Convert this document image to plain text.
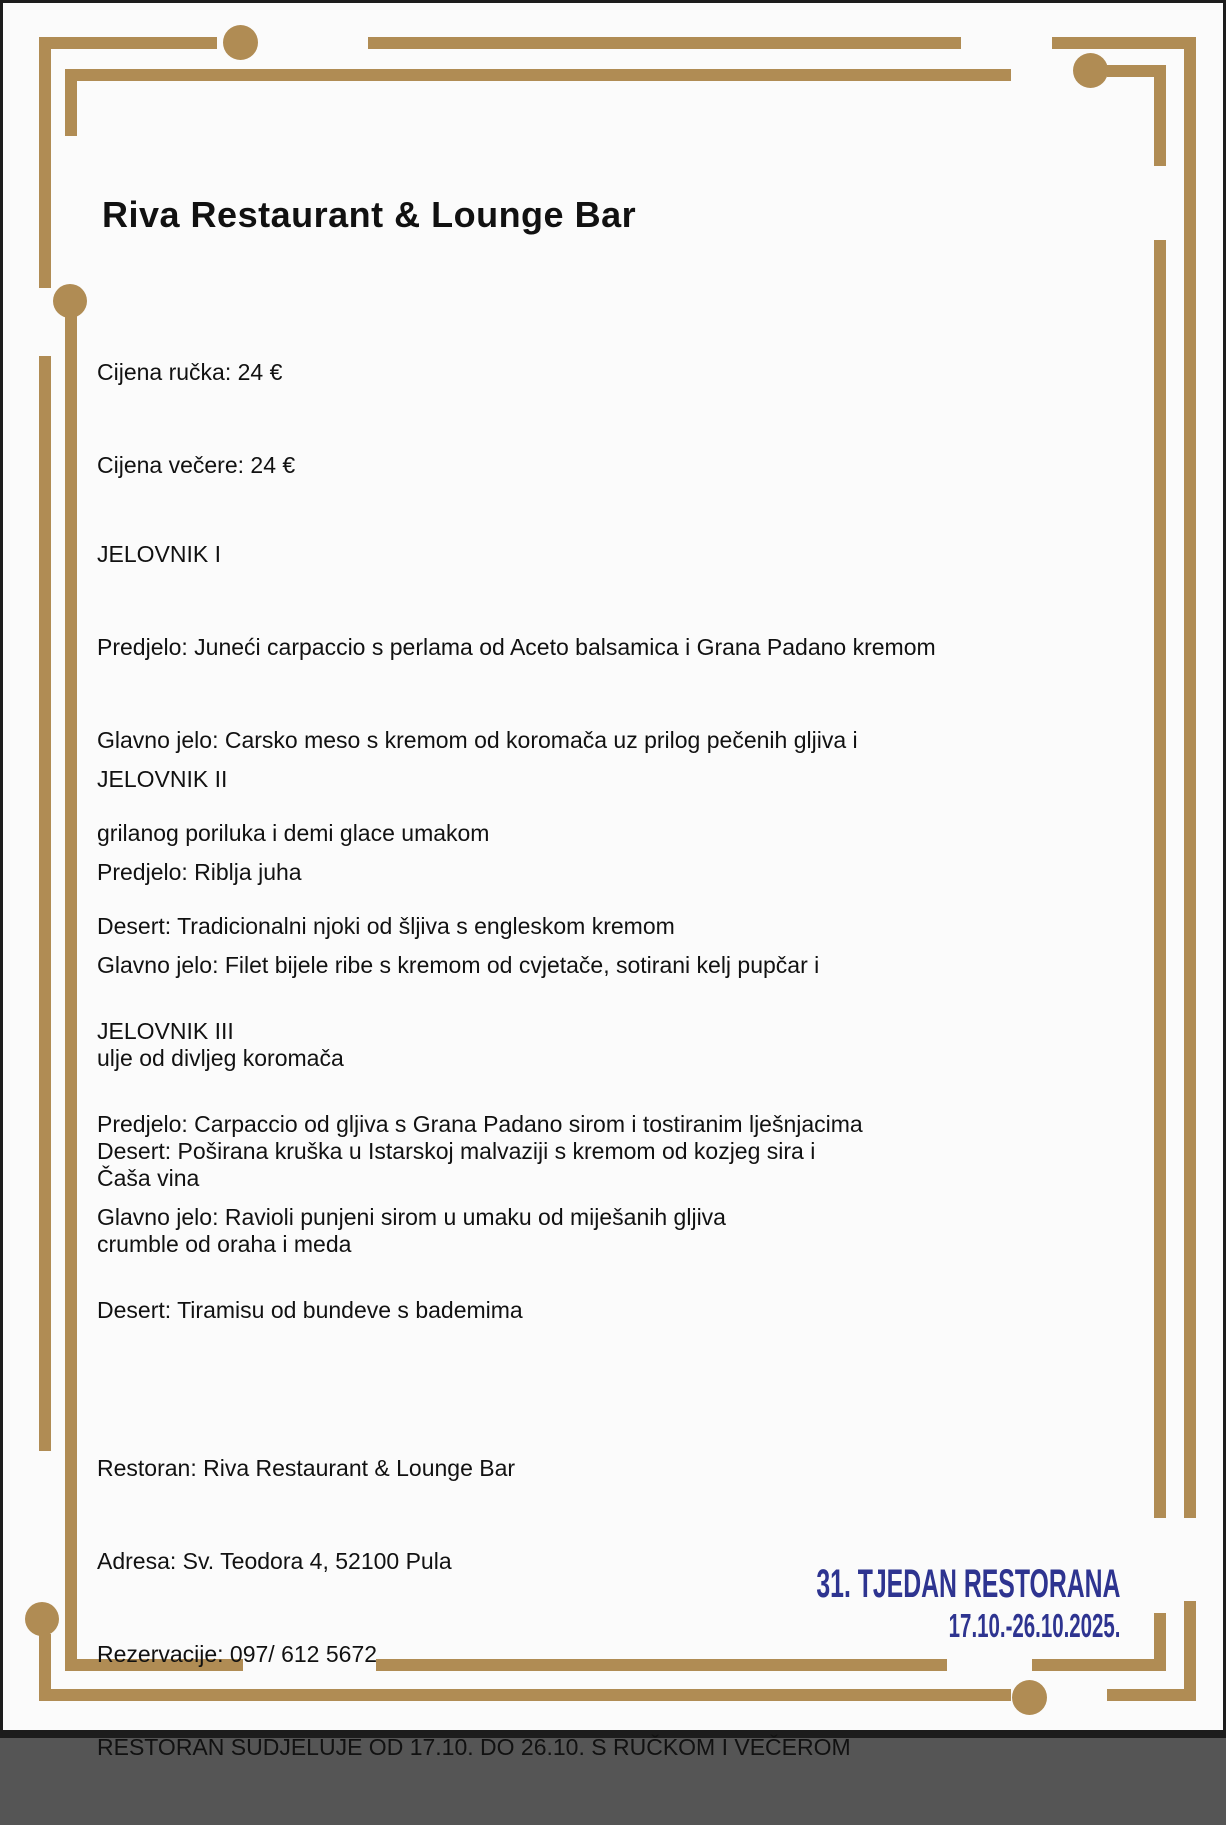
Riva Restaurant & Lounge Bar

Cijena ručka: 24 €

Cijena večere: 24 €

JELOVNIK I

Predjelo: Juneći carpaccio s perlama od Aceto balsamica i Grana Padano kremom

Glavno jelo: Carsko meso s kremom od koromača uz prilog pečenih gljiva i

grilanog poriluka i demi glace umakom

Desert: Tradicionalni njoki od šljiva s engleskom kremom

JELOVNIK II

Predjelo: Riblja juha

Glavno jelo: Filet bijele ribe s kremom od cvjetače, sotirani kelj pupčar i

ulje od divljeg koromača

Desert: Poširana kruška u Istarskoj malvaziji s kremom od kozjeg sira i

crumble od oraha i meda

JELOVNIK III

Predjelo: Carpaccio od gljiva s Grana Padano sirom i tostiranim lješnjacima

Glavno jelo: Ravioli punjeni sirom u umaku od miješanih gljiva

Desert: Tiramisu od bundeve s bademima

Čaša vina

Restoran: Riva Restaurant & Lounge Bar

Adresa: Sv. Teodora 4, 52100 Pula

Rezervacije: 097/ 612 5672

RESTORAN SUDJELUJE OD 17.10. DO 26.10. S RUČKOM I VEČEROM

31. TJEDAN RESTORANA
17.10.-26.10.2025.
